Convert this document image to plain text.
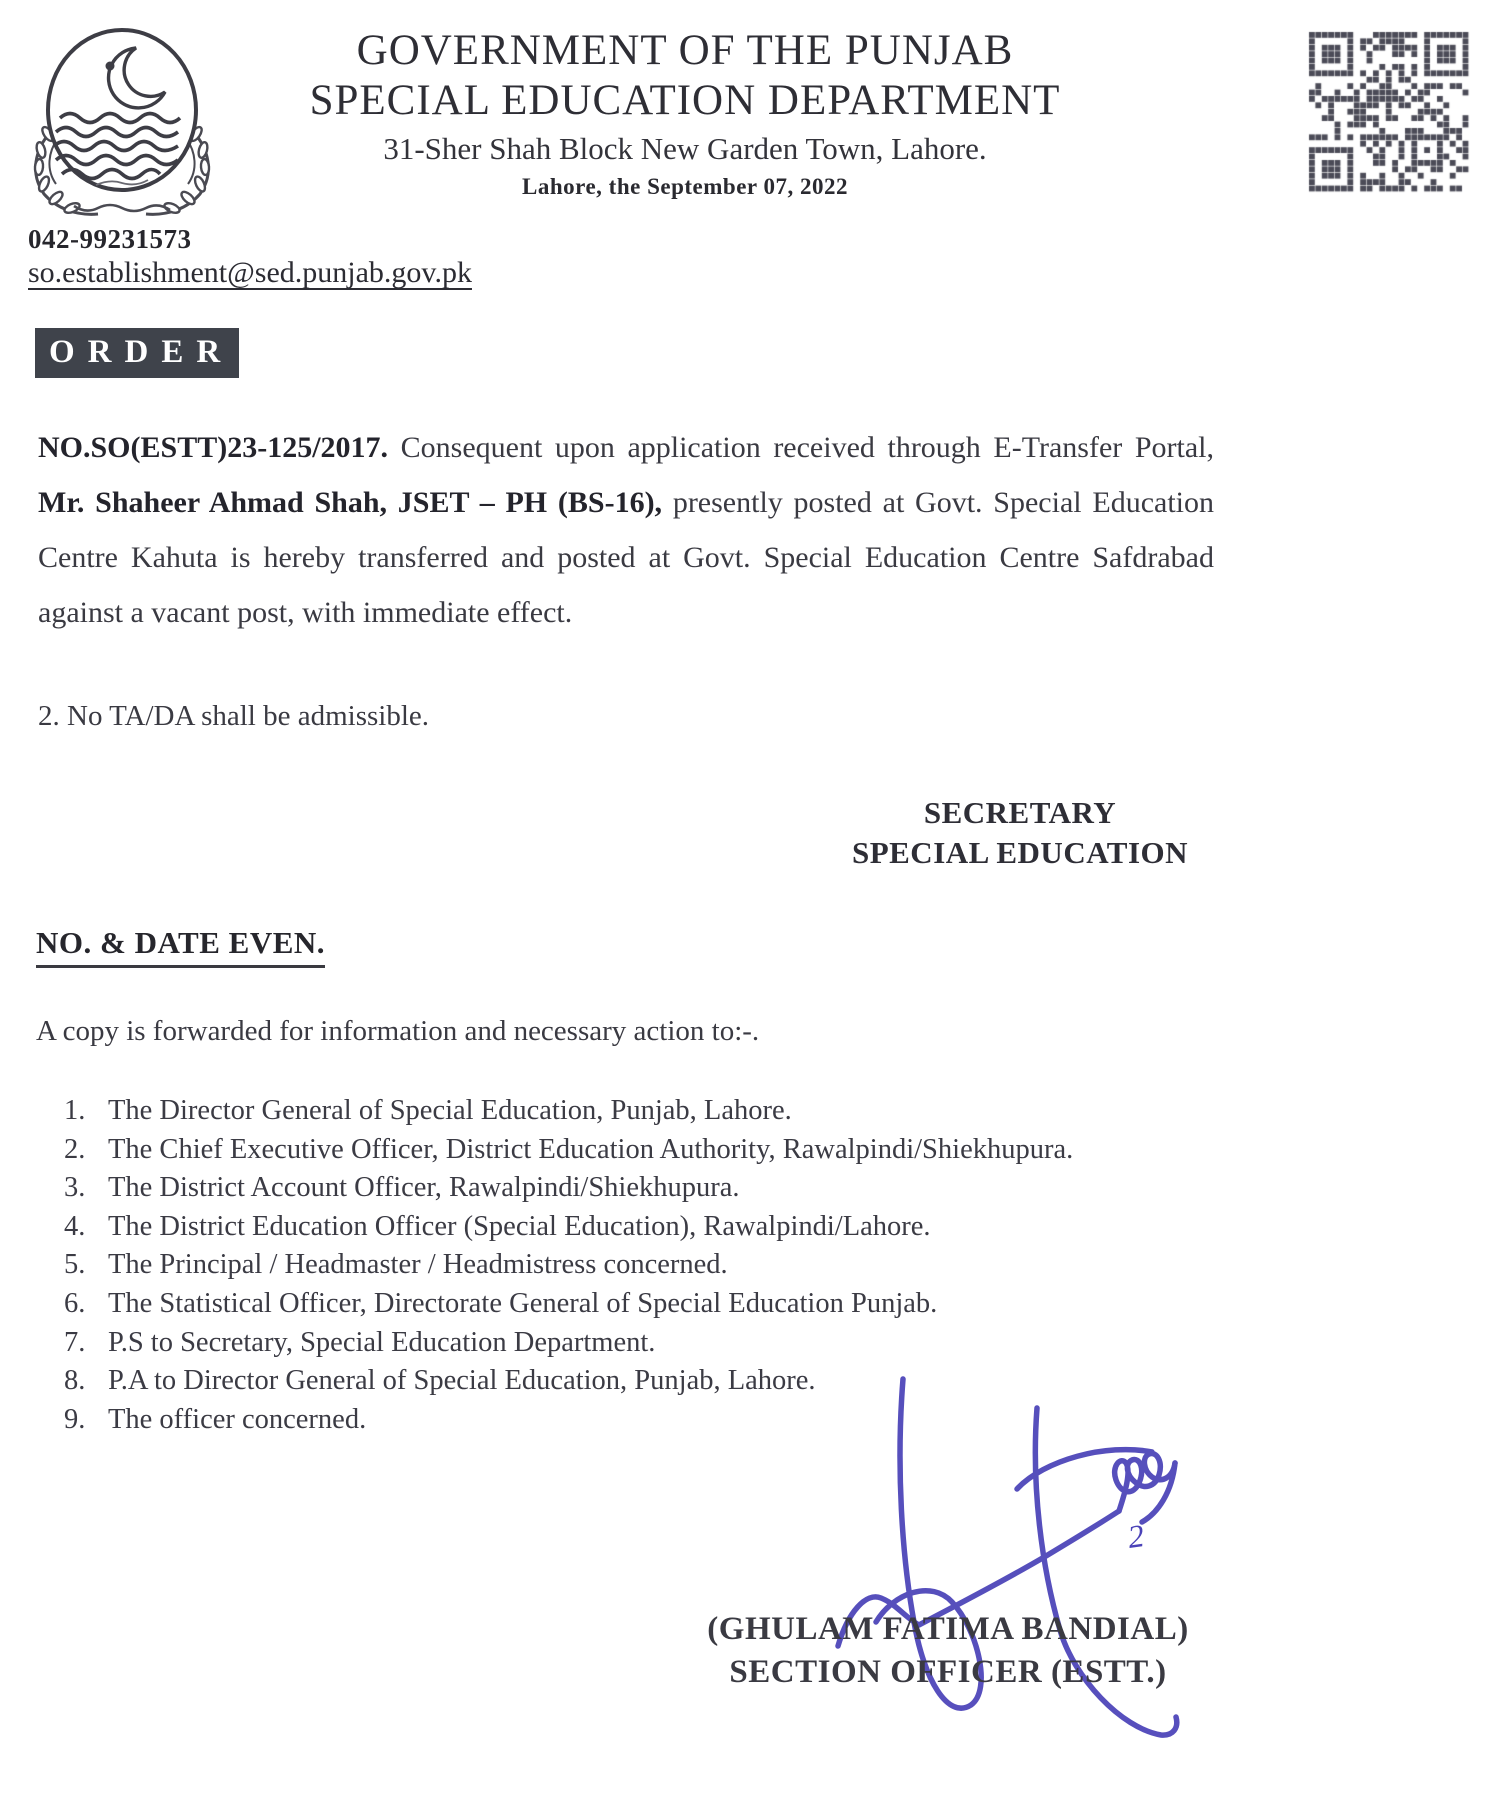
GOVERNMENT OF THE PUNJAB
SPECIAL EDUCATION DEPARTMENT
31-Sher Shah Block New Garden Town, Lahore.
Lahore, the September 07, 2022
042-99231573
so.establishment@sed.punjab.gov.pk
ORDER

NO.SO(ESTT)23-125/2017. Consequent upon application received through E-Transfer Portal, Mr. Shaheer Ahmad Shah, JSET – PH (BS-16), presently posted at Govt. Special Education Centre Kahuta is hereby transferred and posted at Govt. Special Education Centre Safdrabad against a vacant post, with immediate effect.

2. No TA/DA shall be admissible.
SECRETARY
SPECIAL EDUCATION
NO. & DATE EVEN.
A copy is forwarded for information and necessary action to:-.
1. The Director General of Special Education, Punjab, Lahore.
2. The Chief Executive Officer, District Education Authority, Rawalpindi/Shiekhupura.
3. The District Account Officer, Rawalpindi/Shiekhupura.
4. The District Education Officer (Special Education), Rawalpindi/Lahore.
5. The Principal / Headmaster / Headmistress concerned.
6. The Statistical Officer, Directorate General of Special Education Punjab.
7. P.S to Secretary, Special Education Department.
8. P.A to Director General of Special Education, Punjab, Lahore.
9. The officer concerned.
2
(GHULAM FATIMA BANDIAL)
SECTION OFFICER (ESTT.)
